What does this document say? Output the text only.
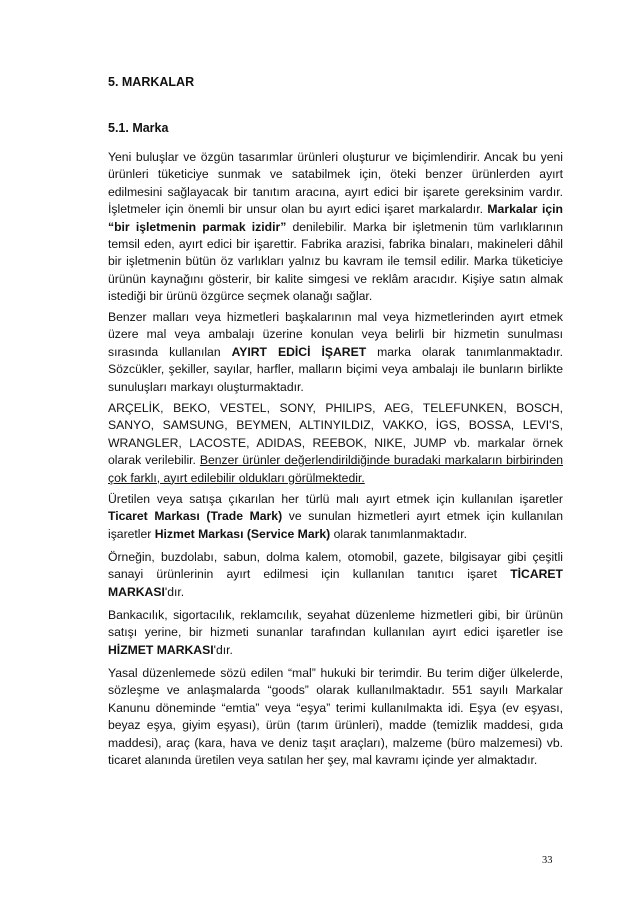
5. MARKALAR

5.1. Marka

Yeni buluşlar ve özgün tasarımlar ürünleri oluşturur ve biçimlendirir. Ancak bu yeni ürünleri tüketiciye sunmak ve satabilmek için, öteki benzer ürünlerden ayırt edilmesini sağlayacak bir tanıtım aracına, ayırt edici bir işarete gereksinim vardır. İşletmeler için önemli bir unsur olan bu ayırt edici işaret markalardır. Markalar için “bir işletmenin parmak izidir” denilebilir. Marka bir işletmenin tüm varlıklarının temsil eden, ayırt edici bir işarettir. Fabrika arazisi, fabrika binaları, makineleri dâhil bir işletmenin bütün öz varlıkları yalnız bu kavram ile temsil edilir. Marka tüketiciye ürünün kaynağını gösterir, bir kalite simgesi ve reklâm aracıdır. Kişiye satın almak istediği bir ürünü özgürce seçmek olanağı sağlar.

Benzer malları veya hizmetleri başkalarının mal veya hizmetlerinden ayırt etmek üzere mal veya ambalajı üzerine konulan veya belirli bir hizmetin sunulması sırasında kullanılan AYIRT EDİCİ İŞARET marka olarak tanımlanmaktadır. Sözcükler, şekiller, sayılar, harfler, malların biçimi veya ambalajı ile bunların birlikte sunuluşları markayı oluşturmaktadır.

ARÇELİK, BEKO, VESTEL, SONY, PHILIPS, AEG, TELEFUNKEN, BOSCH, SANYO, SAMSUNG, BEYMEN, ALTINYILDIZ, VAKKO, İGS, BOSSA, LEVI'S, WRANGLER, LACOSTE, ADIDAS, REEBOK, NIKE, JUMP vb. markalar örnek olarak verilebilir. Benzer ürünler değerlendirildiğinde buradaki markaların birbirinden çok farklı, ayırt edilebilir oldukları görülmektedir.

Üretilen veya satışa çıkarılan her türlü malı ayırt etmek için kullanılan işaretler Ticaret Markası (Trade Mark) ve sunulan hizmetleri ayırt etmek için kullanılan işaretler Hizmet Markası (Service Mark) olarak tanımlanmaktadır.

Örneğin, buzdolabı, sabun, dolma kalem, otomobil, gazete, bilgisayar gibi çeşitli sanayi ürünlerinin ayırt edilmesi için kullanılan tanıtıcı işaret TİCARET MARKASI'dır.

Bankacılık, sigortacılık, reklamcılık, seyahat düzenleme hizmetleri gibi, bir ürünün satışı yerine, bir hizmeti sunanlar tarafından kullanılan ayırt edici işaretler ise HİZMET MARKASI'dır.

Yasal düzenlemede sözü edilen “mal” hukuki bir terimdir. Bu terim diğer ülkelerde, sözleşme ve anlaşmalarda “goods” olarak kullanılmaktadır. 551 sayılı Markalar Kanunu döneminde “emtia” veya “eşya” terimi kullanılmakta idi. Eşya (ev eşyası, beyaz eşya, giyim eşyası), ürün (tarım ürünleri), madde (temizlik maddesi, gıda maddesi), araç (kara, hava ve deniz taşıt araçları), malzeme (büro malzemesi) vb. ticaret alanında üretilen veya satılan her şey, mal kavramı içinde yer almaktadır.

33
